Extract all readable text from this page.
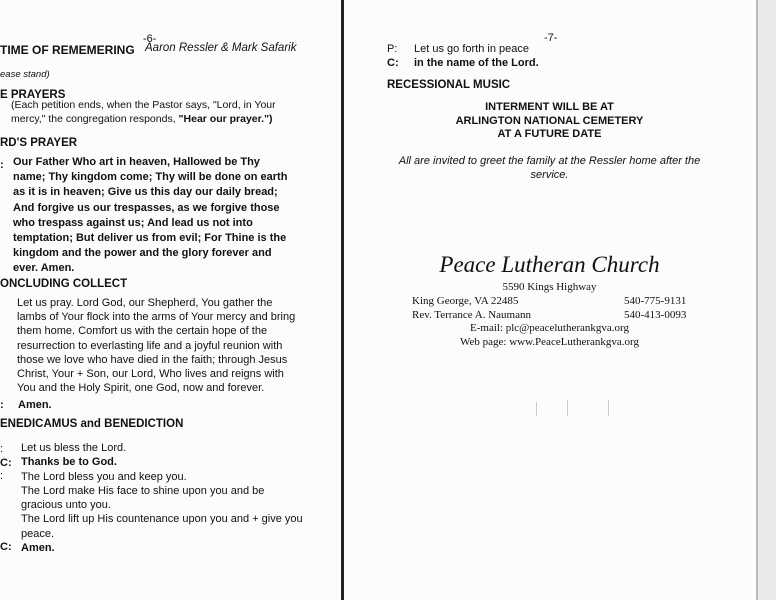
-6-
TIME OF REMEMERING Aaron Ressler & Mark Safarik
ease stand)
E PRAYERS
(Each petition ends, when the Pastor says, "Lord, in Your
mercy," the congregation responds, "Hear our prayer.")
RD'S PRAYER
: Our Father Who art in heaven, Hallowed be Thy
name; Thy kingdom come; Thy will be done on earth
as it is in heaven; Give us this day our daily bread;
And forgive us our trespasses, as we forgive those
who trespass against us; And lead us not into
temptation; But deliver us from evil; For Thine is the
kingdom and the power and the glory forever and
ever. Amen.
ONCLUDING COLLECT
Let us pray. Lord God, our Shepherd, You gather the
lambs of Your flock into the arms of Your mercy and bring
them home. Comfort us with the certain hope of the
resurrection to everlasting life and a joyful reunion with
those we love who have died in the faith; through Jesus
Christ, Your + Son, our Lord, Who lives and reigns with
You and the Holy Spirit, one God, now and forever.
: Amen.
ENEDICAMUS and BENEDICTION
:
C:
:
C:
Let us bless the Lord.
Thanks be to God.
The Lord bless you and keep you.
The Lord make His face to shine upon you and be
gracious unto you.
The Lord lift up His countenance upon you and + give you
peace.
Amen.
-7-
P: Let us go forth in peace
C: in the name of the Lord.
RECESSIONAL MUSIC
INTERMENT WILL BE AT
ARLINGTON NATIONAL CEMETERY
AT A FUTURE DATE
All are invited to greet the family at the Ressler home after the
service.
Peace Lutheran Church
5590 Kings Highway
King George, VA 22485	540-775-9131
Rev. Terrance A. Naumann	540-413-0093
E-mail: plc@peacelutherankgva.org
Web page: www.PeaceLutherankgva.org
